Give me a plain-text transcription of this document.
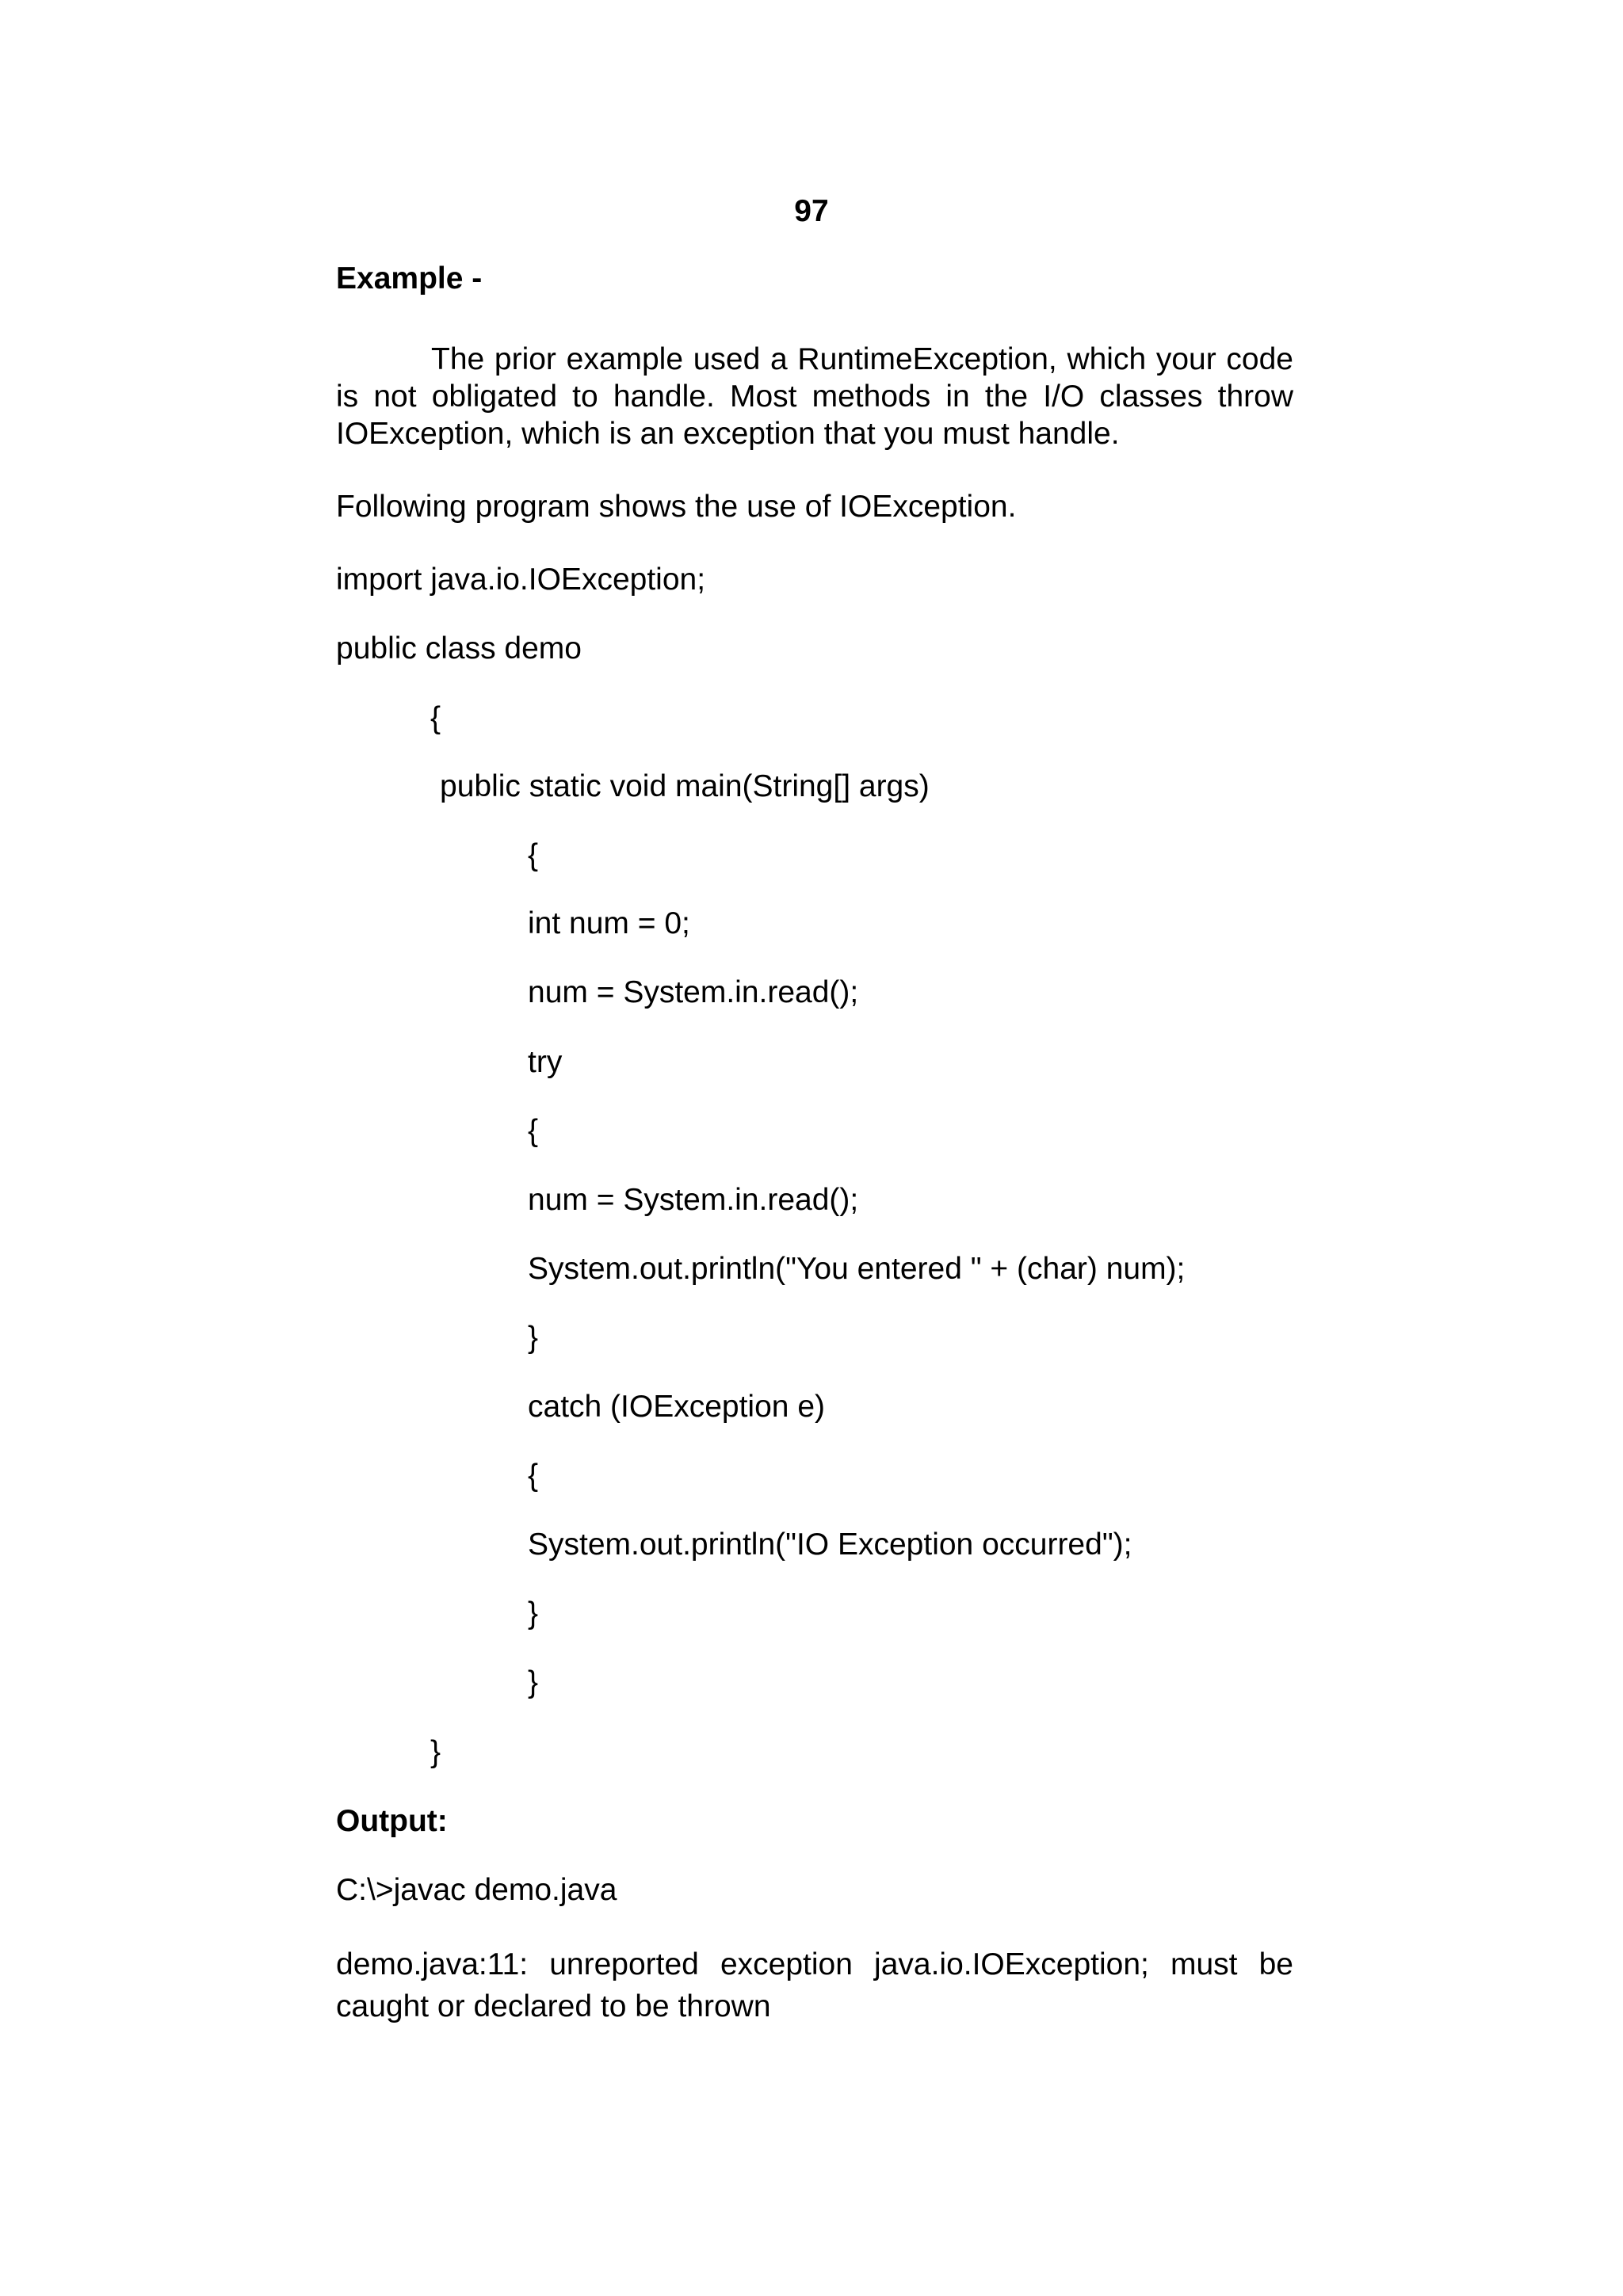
97
Example -
The prior example used a RuntimeException, which your code is not obligated to handle. Most methods in the I/O classes throw IOException, which is an exception that you must handle.
Following program shows the use of IOException.
import java.io.IOException;
public class demo
{
public static void main(String[] args)
{
int num = 0;
num = System.in.read();
try
{
num = System.in.read();
System.out.println("You entered " + (char) num);
}
catch (IOException e)
{
System.out.println("IO Exception occurred");
}
}
}
Output:
C:\>javac demo.java
demo.java:11: unreported exception java.io.IOException; must be caught or declared to be thrown
